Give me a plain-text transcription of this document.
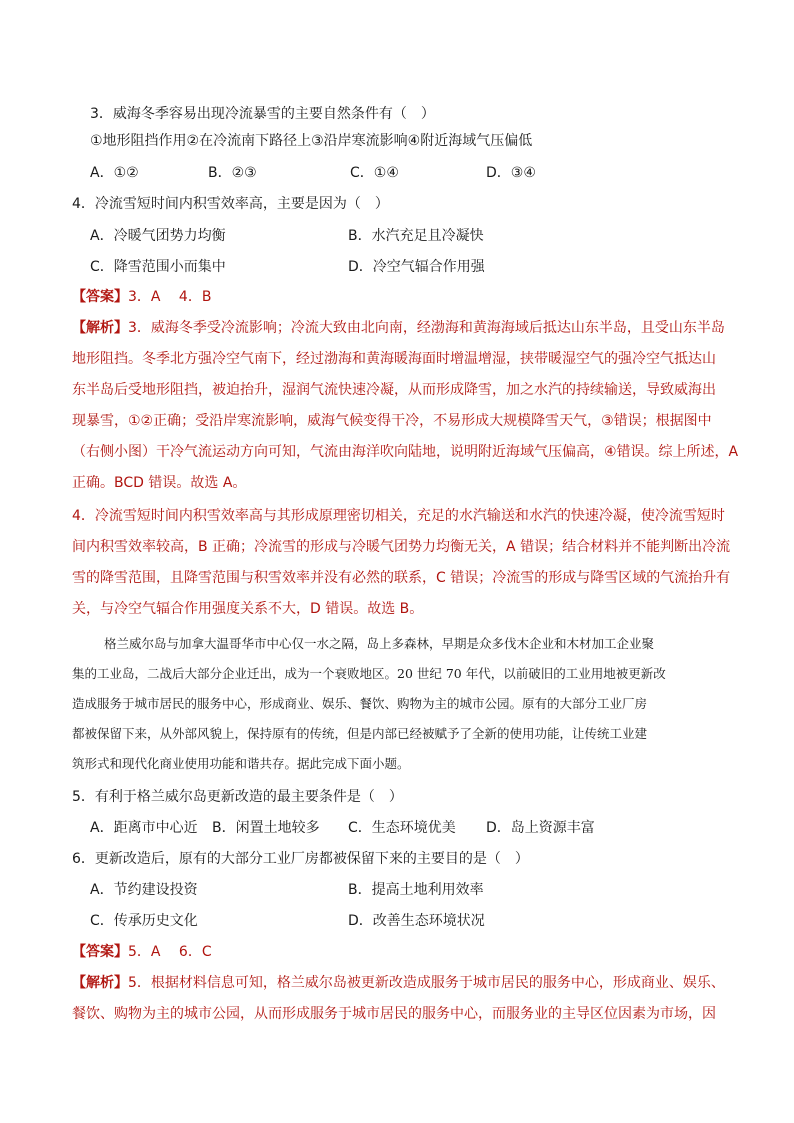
3．威海冬季容易出现冷流暴雪的主要自然条件有（　）
①地形阻挡作用②在冷流南下路径上③沿岸寒流影响④附近海域气压偏低
A．①②	B．②③	C．①④	D．③④
4．冷流雪短时间内积雪效率高，主要是因为（　）
A．冷暖气团势力均衡	B．水汽充足且冷凝快
C．降雪范围小而集中	D．冷空气辐合作用强
【答案】3．A　 4．B
【解析】3．威海冬季受冷流影响；冷流大致由北向南，经渤海和黄海海域后抵达山东半岛，且受山东半岛
地形阻挡。冬季北方强冷空气南下，经过渤海和黄海暖海面时增温增湿，挟带暖湿空气的强冷空气抵达山
东半岛后受地形阻挡，被迫抬升，湿润气流快速冷凝，从而形成降雪，加之水汽的持续输送，导致威海出
现暴雪，①②正确；受沿岸寒流影响，威海气候变得干冷，不易形成大规模降雪天气，③错误；根据图中
（右侧小图）干冷气流运动方向可知，气流由海洋吹向陆地，说明附近海域气压偏高，④错误。综上所述，A
正确。BCD 错误。故选 A。
4．冷流雪短时间内积雪效率高与其形成原理密切相关，充足的水汽输送和水汽的快速冷凝，使冷流雪短时
间内积雪效率较高，B 正确；冷流雪的形成与冷暖气团势力均衡无关，A 错误；结合材料并不能判断出冷流
雪的降雪范围，且降雪范围与积雪效率并没有必然的联系，C 错误；冷流雪的形成与降雪区域的气流抬升有
关，与冷空气辐合作用强度关系不大，D 错误。故选 B。
格兰威尔岛与加拿大温哥华市中心仅一水之隔，岛上多森林，早期是众多伐木企业和木材加工企业聚
集的工业岛，二战后大部分企业迁出，成为一个衰败地区。20 世纪 70 年代，以前破旧的工业用地被更新改
造成服务于城市居民的服务中心，形成商业、娱乐、餐饮、购物为主的城市公园。原有的大部分工业厂房
都被保留下来，从外部风貌上，保持原有的传统，但是内部已经被赋予了全新的使用功能，让传统工业建
筑形式和现代化商业使用功能和谐共存。据此完成下面小题。
5．有利于格兰威尔岛更新改造的最主要条件是（　）
A．距离市中心近 B．闲置土地较多 C．生态环境优美 D．岛上资源丰富
6．更新改造后，原有的大部分工业厂房都被保留下来的主要目的是（　）
A．节约建设投资	B．提高土地利用效率
C．传承历史文化	D．改善生态环境状况
【答案】5．A　 6．C
【解析】5．根据材料信息可知，格兰威尔岛被更新改造成服务于城市居民的服务中心，形成商业、娱乐、
餐饮、购物为主的城市公园，从而形成服务于城市居民的服务中心，而服务业的主导区位因素为市场，因
